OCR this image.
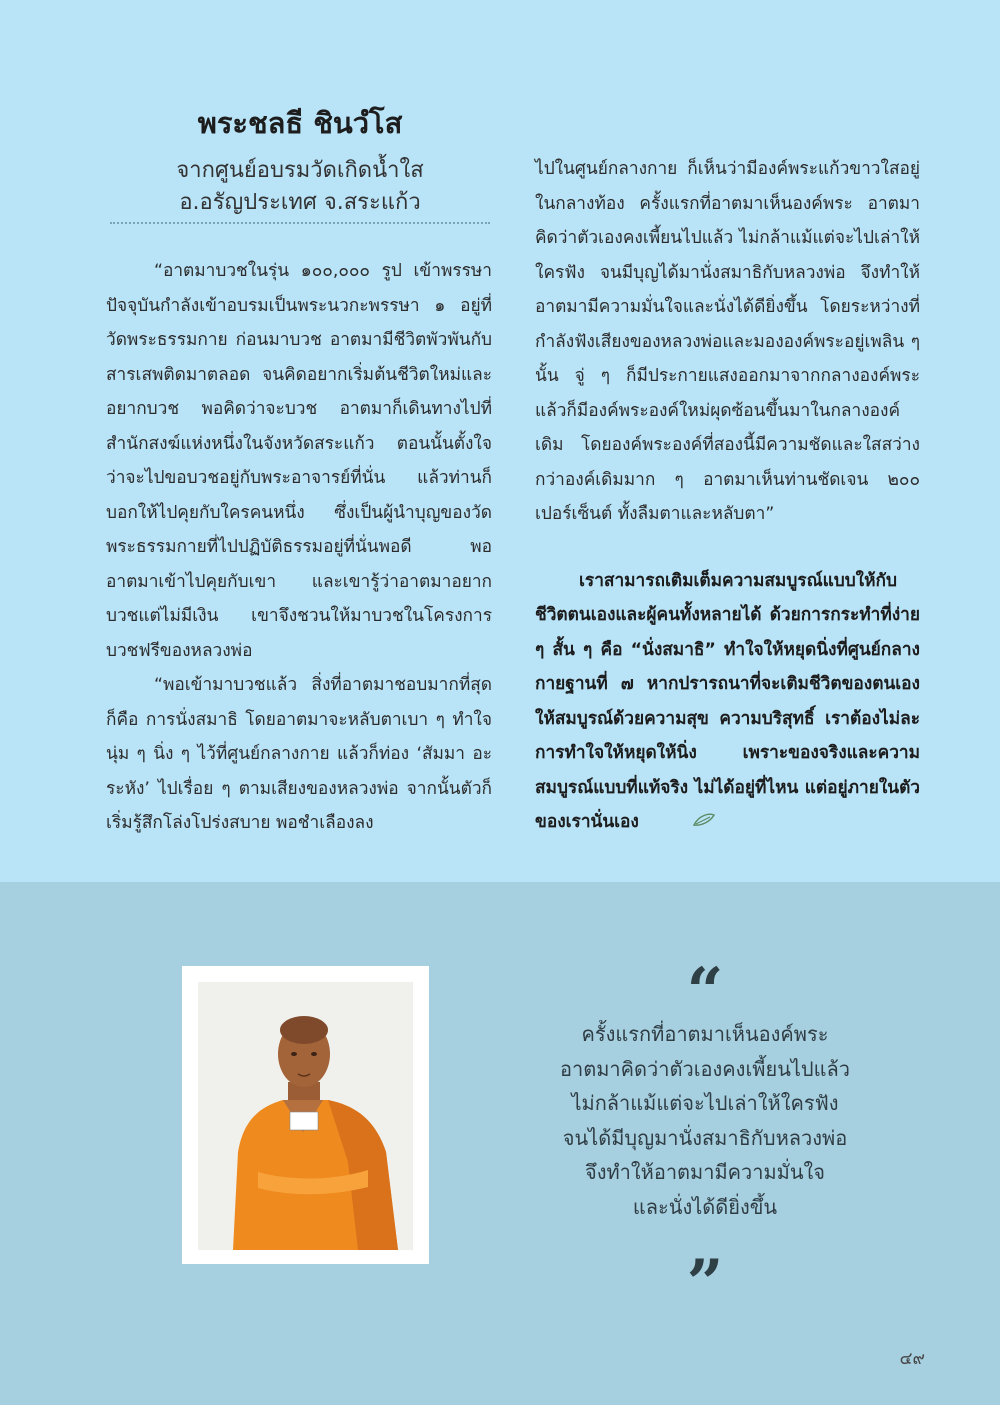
พระชลธี ชินวํโส
จากศูนย์อบรมวัดเกิดน้ำใส
อ.อรัญประเทศ จ.สระแก้ว

“อาตมาบวชในรุ่น ๑๐๐,๐๐๐ รูป เข้าพรรษาปัจจุบันกำลังเข้าอบรมเป็นพระนวกะพรรษา ๑ อยู่ที่วัดพระธรรมกาย ก่อนมาบวช อาตมามีชีวิตพัวพันกับสารเสพติดมาตลอด จนคิดอยากเริ่มต้นชีวิตใหม่และอยากบวช พอคิดว่าจะบวช อาตมาก็เดินทางไปที่สำนักสงฆ์แห่งหนึ่งในจังหวัดสระแก้ว ตอนนั้นตั้งใจว่าจะไปขอบวชอยู่กับพระอาจารย์ที่นั่น แล้วท่านก็บอกให้ไปคุยกับใครคนหนึ่ง ซึ่งเป็นผู้นำบุญของวัดพระธรรมกายที่ไปปฏิบัติธรรมอยู่ที่นั่นพอดี พอ อาตมาเข้าไปคุยกับเขา และเขารู้ว่าอาตมาอยากบวชแต่ไม่มีเงิน เขาจึงชวนให้มาบวชในโครงการบวชฟรีของหลวงพ่อ

“พอเข้ามาบวชแล้ว สิ่งที่อาตมาชอบมากที่สุดก็คือ การนั่งสมาธิ โดยอาตมาจะหลับตาเบา ๆ ทำใจนุ่ม ๆ นิ่ง ๆ ไว้ที่ศูนย์กลางกาย แล้วก็ท่อง ‘สัมมา อะระหัง’ ไปเรื่อย ๆ ตามเสียงของหลวงพ่อ จากนั้นตัวก็เริ่มรู้สึกโล่งโปร่งสบาย พอชำเลืองลง

ไปในศูนย์กลางกาย ก็เห็นว่ามีองค์พระแก้วขาวใสอยู่ในกลางท้อง ครั้งแรกที่อาตมาเห็นองค์พระ อาตมาคิดว่าตัวเองคงเพี้ยนไปแล้ว ไม่กล้าแม้แต่จะไปเล่าให้ใครฟัง จนมีบุญได้มานั่งสมาธิกับหลวงพ่อ จึงทำให้อาตมามีความมั่นใจและนั่งได้ดียิ่งขึ้น โดยระหว่างที่กำลังฟังเสียงของหลวงพ่อและมององค์พระอยู่เพลิน ๆ นั้น จู่ ๆ ก็มีประกายแสงออกมาจากกลางองค์พระ แล้วก็มีองค์พระองค์ใหม่ผุดซ้อนขึ้นมาในกลางองค์เดิม โดยองค์พระองค์ที่สองนี้มีความชัดและใสสว่างกว่าองค์เดิมมาก ๆ อาตมาเห็นท่านชัดเจน ๒๐๐ เปอร์เซ็นต์ ทั้งลืมตาและหลับตา”

เราสามารถเติมเต็มความสมบูรณ์แบบให้กับชีวิตตนเองและผู้คนทั้งหลายได้ ด้วยการกระทำที่ง่าย ๆ สั้น ๆ คือ “นั่งสมาธิ” ทำใจให้หยุดนิ่งที่ศูนย์กลางกายฐานที่ ๗ หากปรารถนาที่จะเติมชีวิตของตนเองให้สมบูรณ์ด้วยความสุข ความบริสุทธิ์ เราต้องไม่ละการทำใจให้หยุดให้นิ่ง เพราะของจริงและความสมบูรณ์แบบที่แท้จริง ไม่ได้อยู่ที่ไหน แต่อยู่ภายในตัวของเรานั่นเอง

“
ครั้งแรกที่อาตมาเห็นองค์พระ
อาตมาคิดว่าตัวเองคงเพี้ยนไปแล้ว
ไม่กล้าแม้แต่จะไปเล่าให้ใครฟัง
จนได้มีบุญมานั่งสมาธิกับหลวงพ่อ
จึงทำให้อาตมามีความมั่นใจ
และนั่งได้ดียิ่งขึ้น
”
๔๙
